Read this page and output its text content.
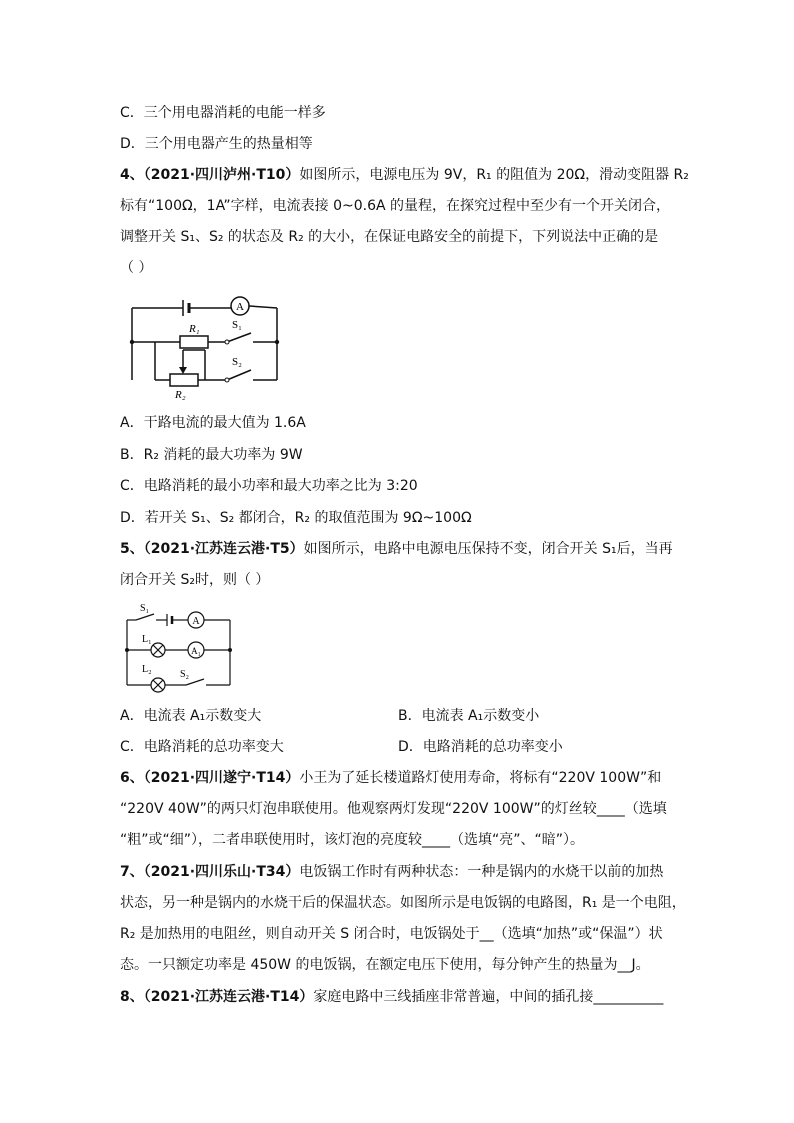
C．三个用电器消耗的电能一样多
D．三个用电器产生的热量相等
4、（2021·四川泸州·T10）如图所示，电源电压为 9V，R₁ 的阻值为 20Ω，滑动变阻器 R₂
标有“100Ω，1A”字样，电流表接 0~0.6A 的量程，在探究过程中至少有一个开关闭合，
调整开关 S₁、S₂ 的状态及 R₂ 的大小，在保证电路安全的前提下，下列说法中正确的是
（ ）
A
R₁	S₁
S₂
R₂
A．干路电流的最大值为 1.6A
B．R₂ 消耗的最大功率为 9W
C．电路消耗的最小功率和最大功率之比为 3:20
D．若开关 S₁、S₂ 都闭合，R₂ 的取值范围为 9Ω~100Ω
5、（2021·江苏连云港·T5）如图所示，电路中电源电压保持不变，闭合开关 S₁后，当再
闭合开关 S₂时，则（ ）
S₁
A
L₁
A₁
L₂	S₂
A．电流表 A₁示数变大	B．电流表 A₁示数变小
C．电路消耗的总功率变大	D．电路消耗的总功率变小
6、（2021·四川遂宁·T14）小王为了延长楼道路灯使用寿命，将标有“220V 100W”和
“220V 40W”的两只灯泡串联使用。他观察两灯发现“220V 100W”的灯丝较____（选填
“粗”或“细”），二者串联使用时，该灯泡的亮度较____（选填“亮”、“暗”）。
7、（2021·四川乐山·T34）电饭锅工作时有两种状态：一种是锅内的水烧干以前的加热
状态，另一种是锅内的水烧干后的保温状态。如图所示是电饭锅的电路图，R₁ 是一个电阻，
R₂ 是加热用的电阻丝，则自动开关 S 闭合时，电饭锅处于__（选填“加热”或“保温”）状
态。一只额定功率是 450W 的电饭锅，在额定电压下使用，每分钟产生的热量为__J。
8、（2021·江苏连云港·T14）家庭电路中三线插座非常普遍，中间的插孔接__________
